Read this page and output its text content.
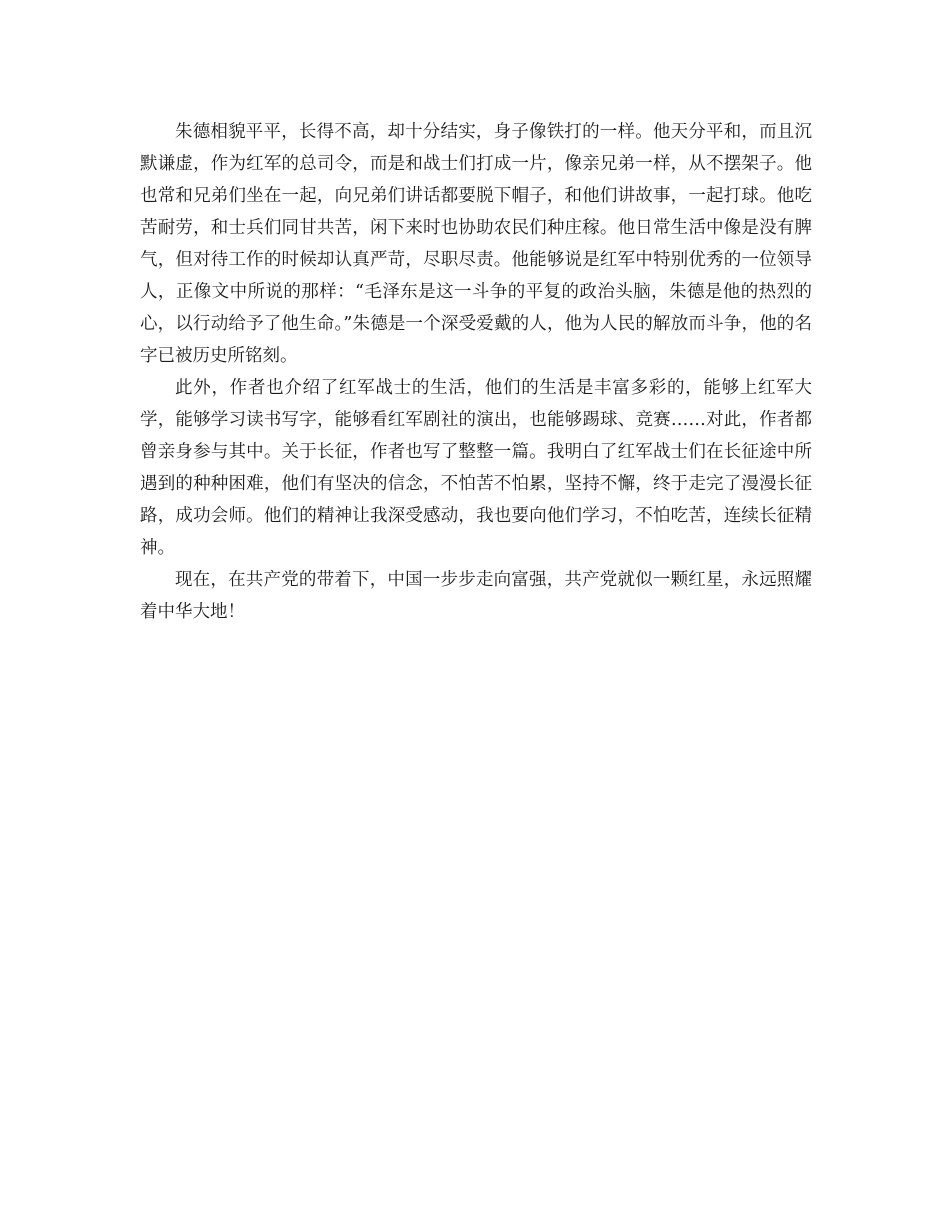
朱德相貌平平，长得不高，却十分结实，身子像铁打的一样。他天分平和，而且沉默谦虚，作为红军的总司令，而是和战士们打成一片，像亲兄弟一样，从不摆架子。他也常和兄弟们坐在一起，向兄弟们讲话都要脱下帽子，和他们讲故事，一起打球。他吃苦耐劳，和士兵们同甘共苦，闲下来时也协助农民们种庄稼。他日常生活中像是没有脾气，但对待工作的时候却认真严苛，尽职尽责。他能够说是红军中特别优秀的一位领导人，正像文中所说的那样：“毛泽东是这一斗争的平复的政治头脑，朱德是他的热烈的心，以行动给予了他生命。”朱德是一个深受爱戴的人，他为人民的解放而斗争，他的名字已被历史所铭刻。

此外，作者也介绍了红军战士的生活，他们的生活是丰富多彩的，能够上红军大学，能够学习读书写字，能够看红军剧社的演出，也能够踢球、竞赛……对此，作者都曾亲身参与其中。关于长征，作者也写了整整一篇。我明白了红军战士们在长征途中所遇到的种种困难，他们有坚决的信念，不怕苦不怕累，坚持不懈，终于走完了漫漫长征路，成功会师。他们的精神让我深受感动，我也要向他们学习，不怕吃苦，连续长征精神。

现在，在共产党的带着下，中国一步步走向富强，共产党就似一颗红星，永远照耀着中华大地！
